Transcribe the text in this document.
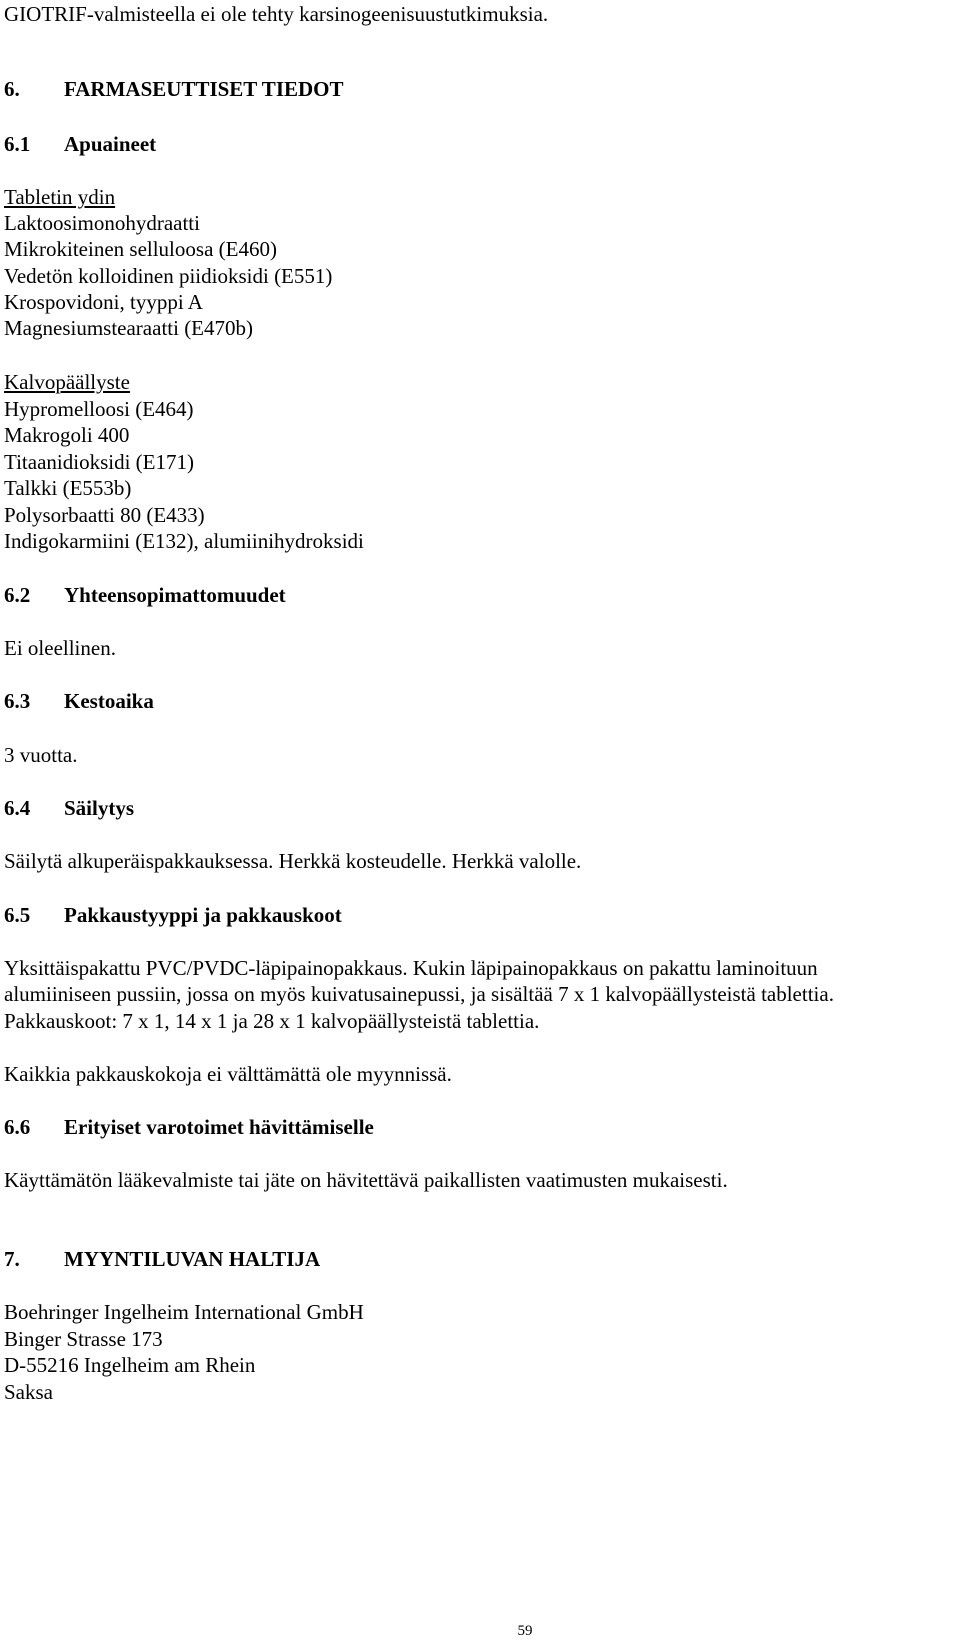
GIOTRIF-valmisteella ei ole tehty karsinogeenisuustutkimuksia.
6. FARMASEUTTISET TIEDOT
6.1 Apuaineet
Tabletin ydin
Laktoosimonohydraatti
Mikrokiteinen selluloosa (E460)
Vedetön kolloidinen piidioksidi (E551)
Krospovidoni, tyyppi A
Magnesiumstearaatti (E470b)
Kalvopäällyste
Hypromelloosi (E464)
Makrogoli 400
Titaanidioksidi (E171)
Talkki (E553b)
Polysorbaatti 80 (E433)
Indigokarmiini (E132), alumiinihydroksidi
6.2 Yhteensopimattomuudet
Ei oleellinen.
6.3 Kestoaika
3 vuotta.
6.4 Säilytys
Säilytä alkuperäispakkauksessa. Herkkä kosteudelle. Herkkä valolle.
6.5 Pakkaustyyppi ja pakkauskoot
Yksittäispakattu PVC/PVDC-läpipainopakkaus. Kukin läpipainopakkaus on pakattu laminoituun
alumiiniseen pussiin, jossa on myös kuivatusainepussi, ja sisältää 7 x 1 kalvopäällysteistä tablettia.
Pakkauskoot: 7 x 1, 14 x 1 ja 28 x 1 kalvopäällysteistä tablettia.
Kaikkia pakkauskokoja ei välttämättä ole myynnissä.
6.6 Erityiset varotoimet hävittämiselle
Käyttämätön lääkevalmiste tai jäte on hävitettävä paikallisten vaatimusten mukaisesti.
7. MYYNTILUVAN HALTIJA
Boehringer Ingelheim International GmbH
Binger Strasse 173
D-55216 Ingelheim am Rhein
Saksa
59
